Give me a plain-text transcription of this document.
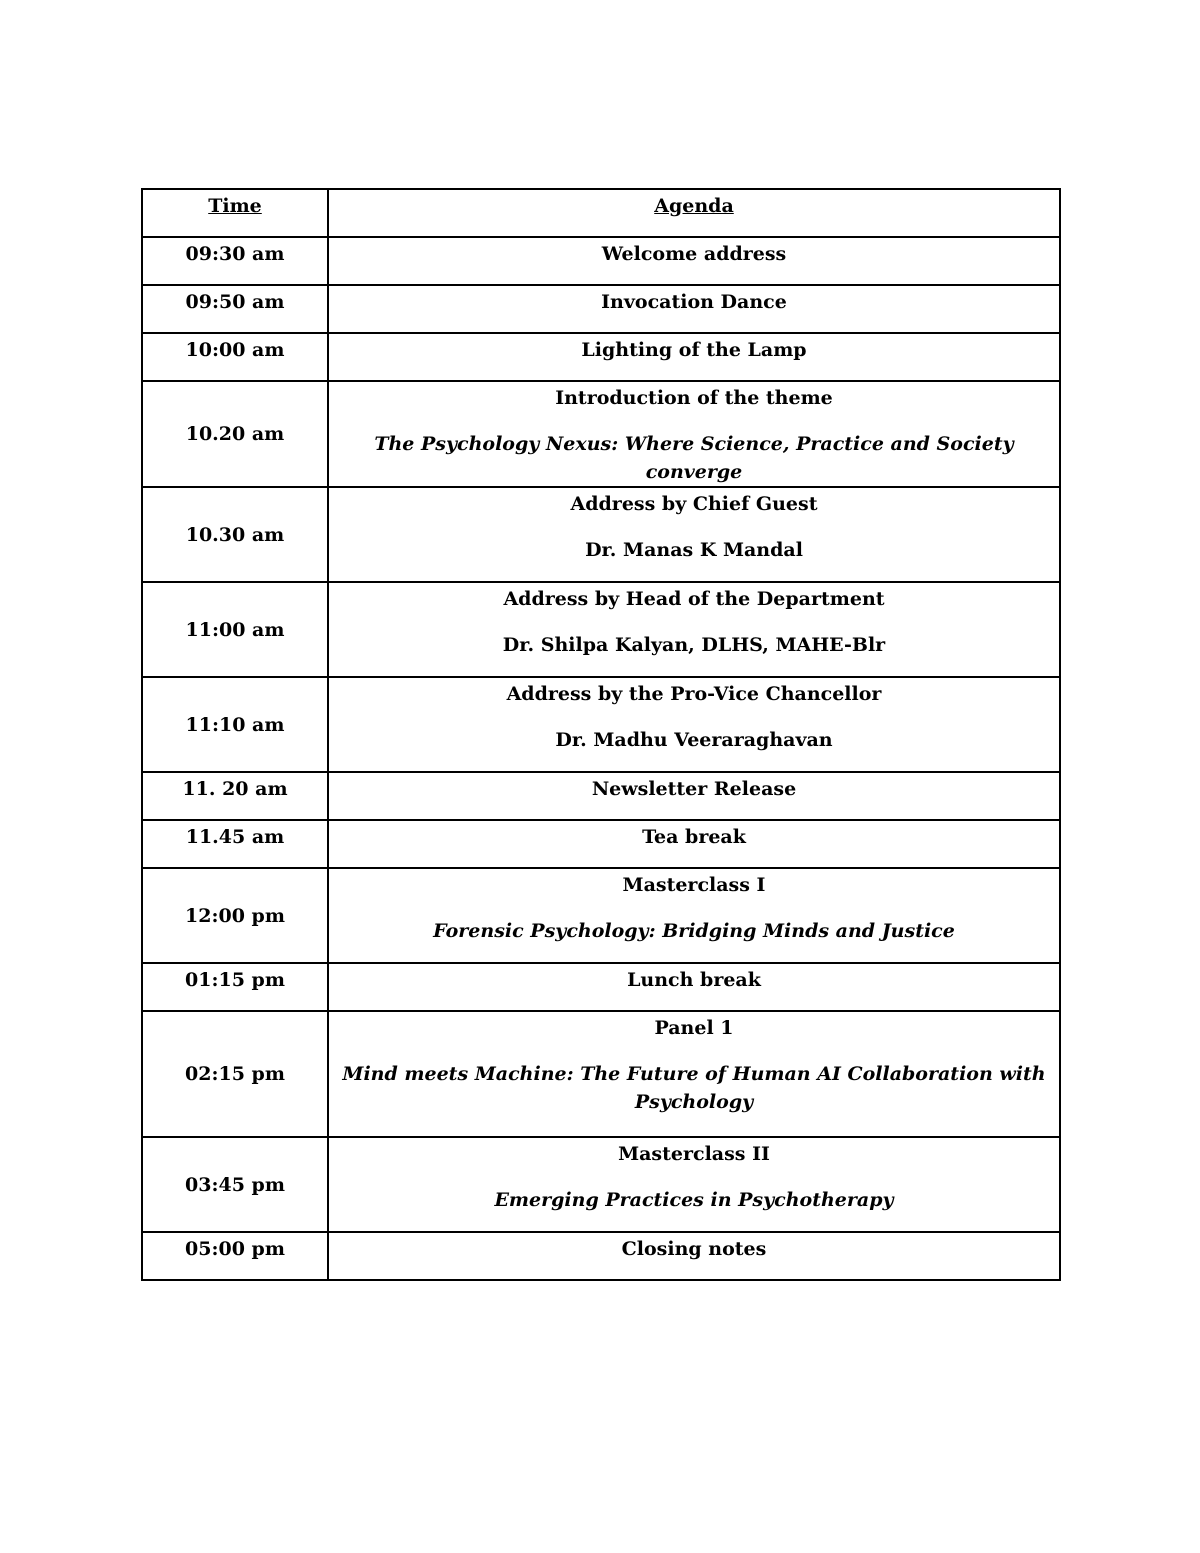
Time	Agenda
09:30 am	Welcome address
09:50 am	Invocation Dance
10:00 am	Lighting of the Lamp
10.20 am	Introduction of the theme
The Psychology Nexus: Where Science, Practice and Society converge

10.30 am	Address by Chief Guest
Dr. Manas K Mandal

11:00 am	Address by Head of the Department
Dr. Shilpa Kalyan, DLHS, MAHE-Blr

11:10 am	Address by the Pro-Vice Chancellor
Dr. Madhu Veeraraghavan

11. 20 am	Newsletter Release
11.45 am	Tea break
12:00 pm	Masterclass I
Forensic Psychology: Bridging Minds and Justice

01:15 pm	Lunch break
02:15 pm	Panel 1
Mind meets Machine: The Future of Human AI Collaboration with Psychology

03:45 pm	Masterclass II
Emerging Practices in Psychotherapy

05:00 pm	Closing notes
